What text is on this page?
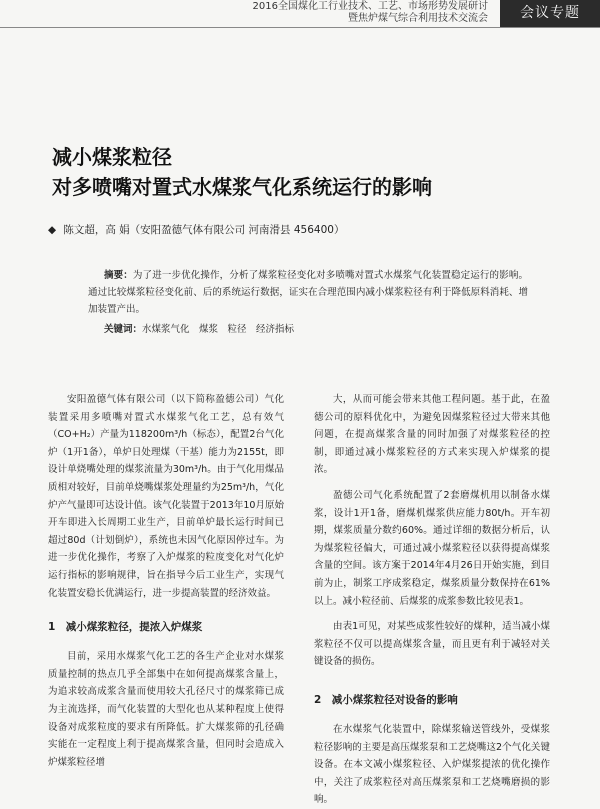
2016全国煤化工行业技术、工艺、市场形势发展研讨
暨焦炉煤气综合利用技术交流会	会议专题
减小煤浆粒径
对多喷嘴对置式水煤浆气化系统运行的影响
◆ 陈文超，高 娟（安阳盈德气体有限公司 河南滑县 456400）
摘要：为了进一步优化操作，分析了煤浆粒径变化对多喷嘴对置式水煤浆气化装置稳定运行的影响。通过比较煤浆粒径变化前、后的系统运行数据，证实在合理范围内减小煤浆粒径有利于降低原料消耗、增加装置产出。
关键词：水煤浆气化　煤浆　粒径　经济指标

安阳盈德气体有限公司（以下简称盈德公司）气化装置采用多喷嘴对置式水煤浆气化工艺，总有效气（CO+H₂）产量为118200m³/h（标态），配置2台气化炉（1开1备），单炉日处理煤（干基）能力为2155t，即设计单烧嘴处理的煤浆流量为30m³/h。由于气化用煤品质相对较好，目前单烧嘴煤浆处理量约为25m³/h，气化炉产气量即可达设计值。该气化装置于2013年10月原始开车即进入长周期工业生产，目前单炉最长运行时间已超过80d（计划倒炉），系统也未因气化原因停过车。为进一步优化操作，考察了入炉煤浆的粒度变化对气化炉运行指标的影响规律，旨在指导今后工业生产，实现气化装置安稳长优满运行，进一步提高装置的经济效益。

1　减小煤浆粒径，提浓入炉煤浆

目前，采用水煤浆气化工艺的各生产企业对水煤浆质量控制的热点几乎全部集中在如何提高煤浆含量上，为追求较高成浆含量而使用较大孔径尺寸的煤浆筛已成为主流选择，而气化装置的大型化也从某种程度上使得设备对成浆粒度的要求有所降低。扩大煤浆筛的孔径确实能在一定程度上利于提高煤浆含量，但同时会造成入炉煤浆粒径增

大，从而可能会带来其他工程问题。基于此，在盈德公司的原料优化中，为避免因煤浆粒径过大带来其他问题，在提高煤浆含量的同时加强了对煤浆粒径的控制，即通过减小煤浆粒径的方式来实现入炉煤浆的提浓。

盈德公司气化系统配置了2套磨煤机用以制备水煤浆，设计1开1备，磨煤机煤浆供应能力80t/h。开车初期，煤浆质量分数约60%。通过详细的数据分析后，认为煤浆粒径偏大，可通过减小煤浆粒径以获得提高煤浆含量的空间。该方案于2014年4月26日开始实施，到目前为止，制浆工序成浆稳定，煤浆质量分数保持在61%以上。减小粒径前、后煤浆的成浆参数比较见表1。

由表1可见，对某些成浆性较好的煤种，适当减小煤浆粒径不仅可以提高煤浆含量，而且更有利于减轻对关键设备的损伤。

2　减小煤浆粒径对设备的影响

在水煤浆气化装置中，除煤浆输送管线外，受煤浆粒径影响的主要是高压煤浆泵和工艺烧嘴这2个气化关键设备。在本文减小煤浆粒径、入炉煤浆提浓的优化操作中，关注了成浆粒径对高压煤浆泵和工艺烧嘴磨损的影响。
